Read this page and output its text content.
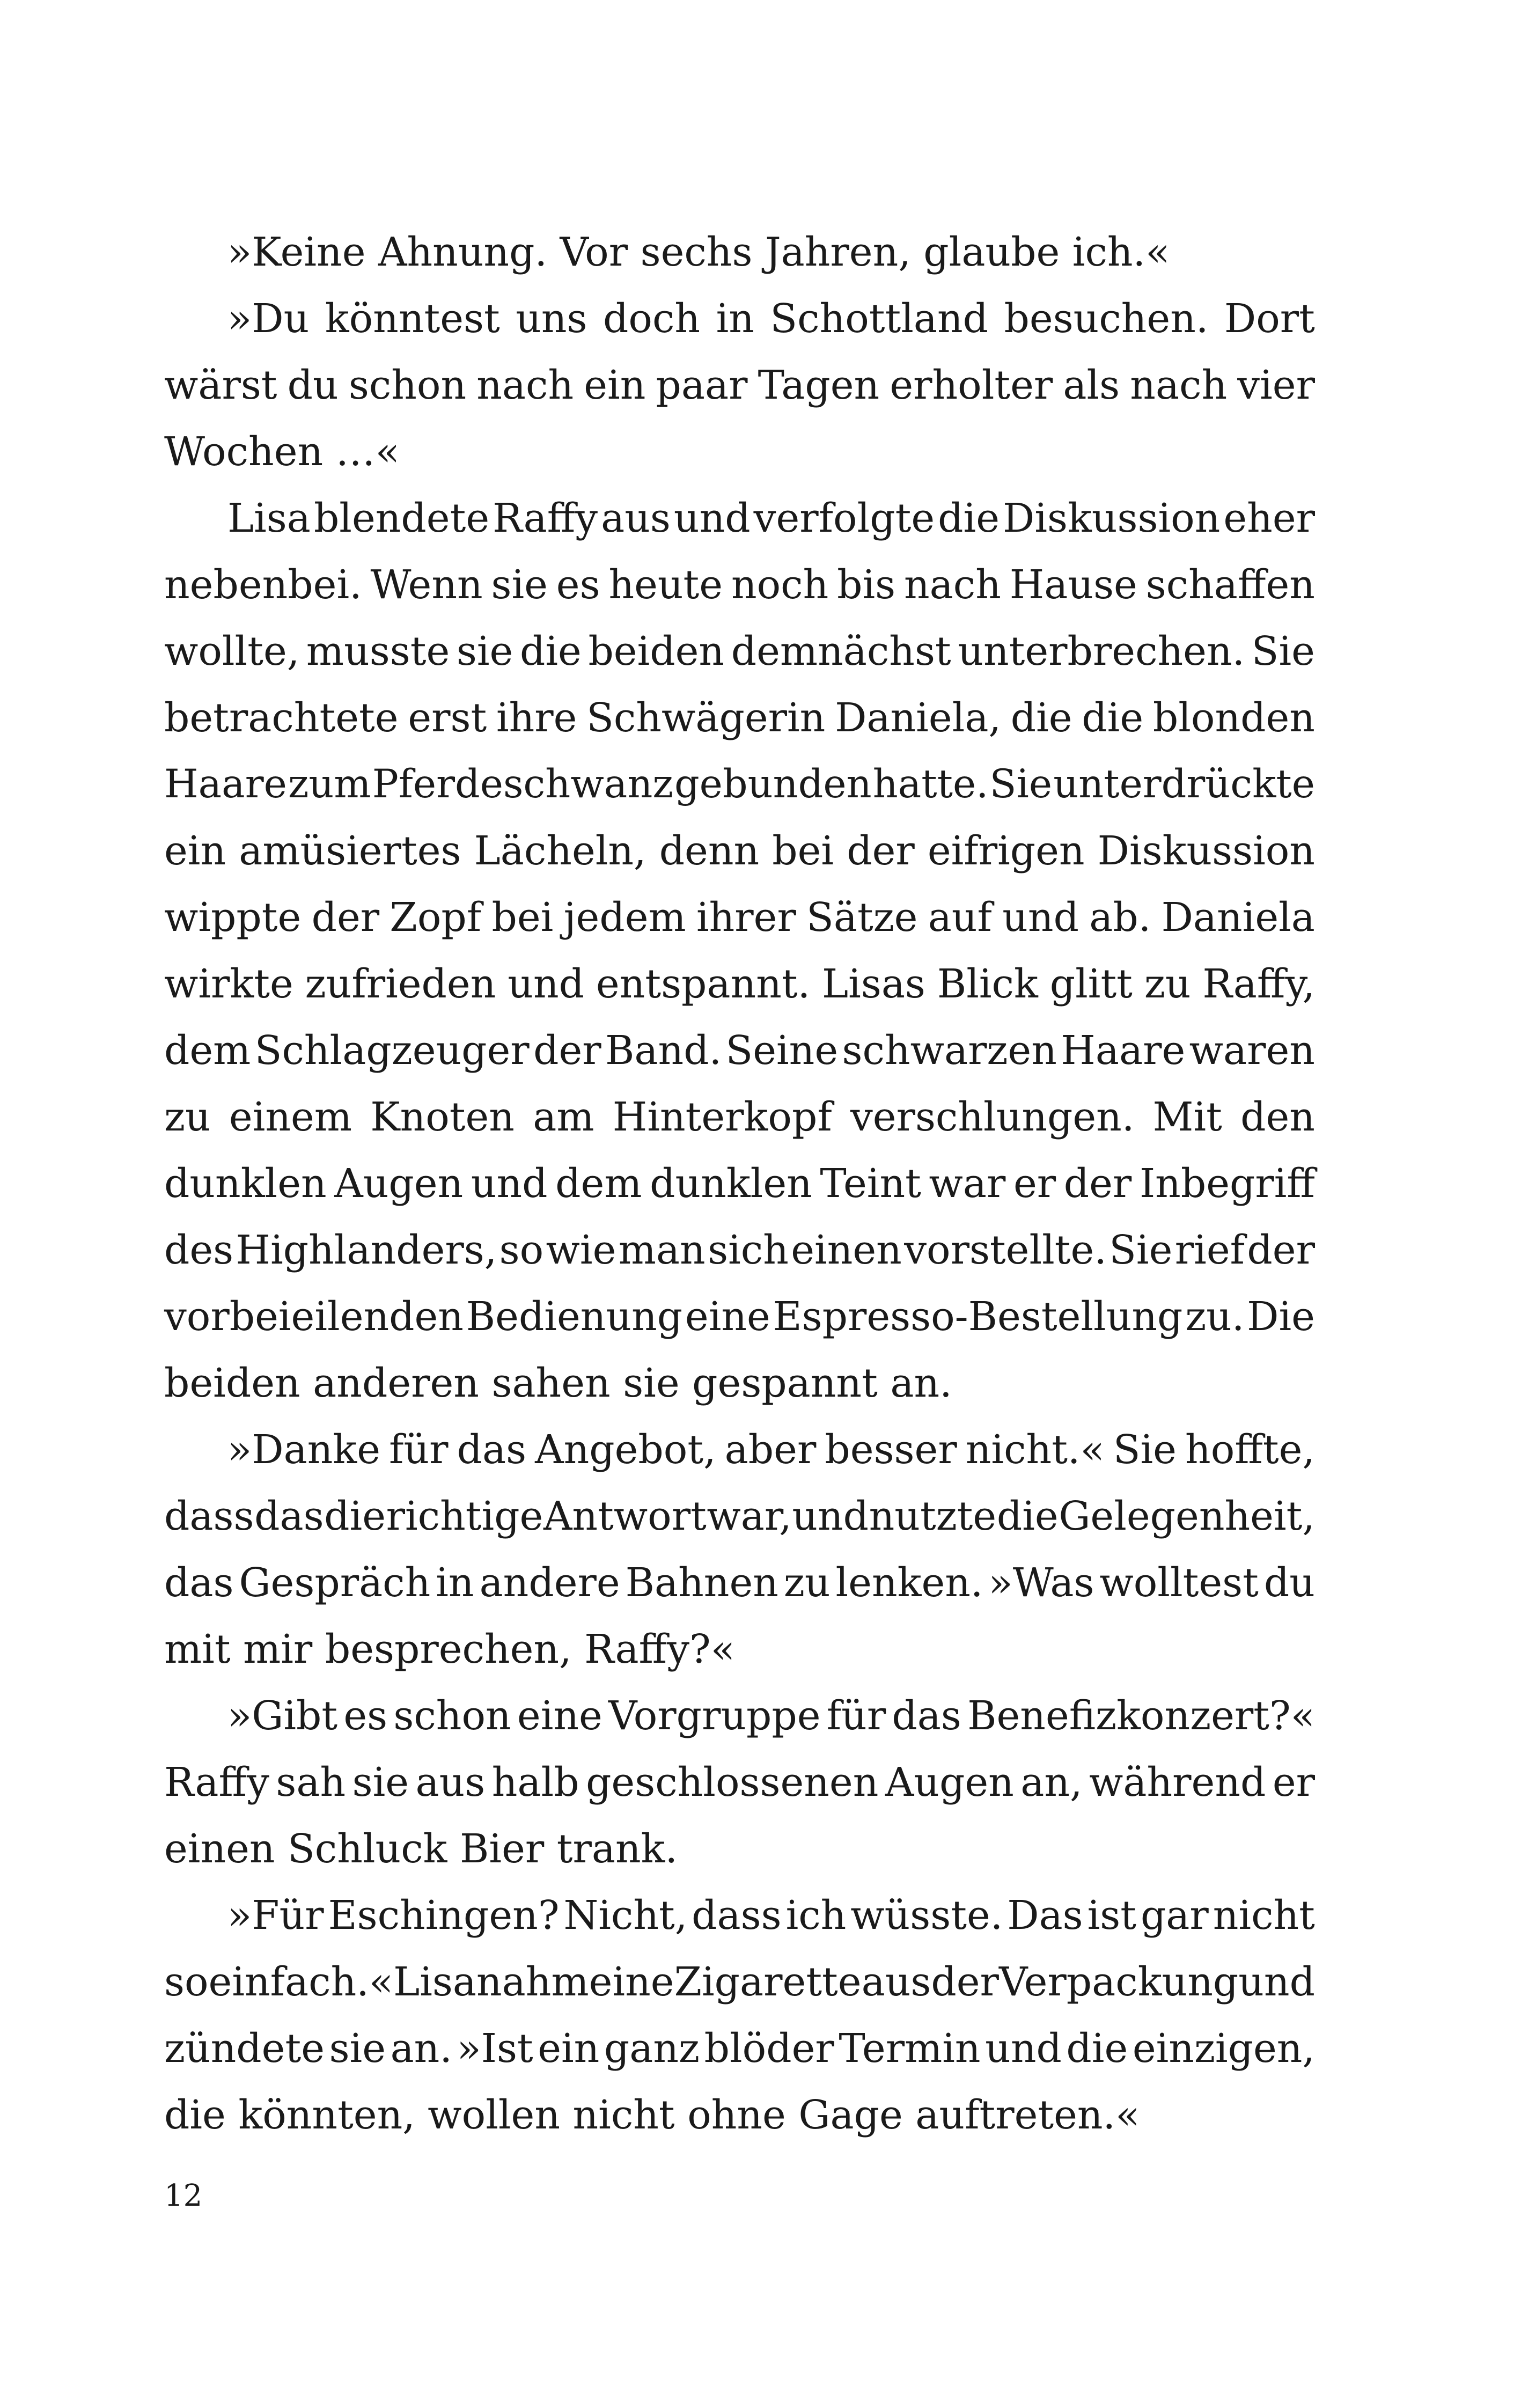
»Keine Ahnung. Vor sechs Jahren, glaube ich.«
»Du könntest uns doch in Schottland besuchen. Dort
wärst du schon nach ein paar Tagen erholter als nach vier
Wochen …«
Lisa blendete Raffy aus und verfolgte die Diskussion eher
nebenbei. Wenn sie es heute noch bis nach Hause schaffen
wollte, musste sie die beiden demnächst unterbrechen. Sie
betrachtete erst ihre Schwägerin Daniela, die die blonden
Haare zum Pferdeschwanz gebunden hatte. Sie unterdrückte
ein amüsiertes Lächeln, denn bei der eifrigen Diskussion
wippte der Zopf bei jedem ihrer Sätze auf und ab. Daniela
wirkte zufrieden und entspannt. Lisas Blick glitt zu Raffy,
dem Schlagzeuger der Band. Seine schwarzen Haare waren
zu einem Knoten am Hinterkopf verschlungen. Mit den
dunklen Augen und dem dunklen Teint war er der Inbegriff
des Highlanders, so wie man sich einen vorstellte. Sie rief der
vorbeieilenden Bedienung eine Espresso-Bestellung zu. Die
beiden anderen sahen sie gespannt an.
»Danke für das Angebot, aber besser nicht.« Sie hoffte,
dass das die richtige Antwort war, und nutzte die Gelegenheit,
das Gespräch in andere Bahnen zu lenken. »Was wolltest du
mit mir besprechen, Raffy?«
»Gibt es schon eine Vorgruppe für das Benefizkonzert?«
Raffy sah sie aus halb geschlossenen Augen an, während er
einen Schluck Bier trank.
»Für Eschingen? Nicht, dass ich wüsste. Das ist gar nicht
so einfach.« Lisa nahm eine Zigarette aus der Verpackung und
zündete sie an. »Ist ein ganz blöder Termin und die einzigen,
die könnten, wollen nicht ohne Gage auftreten.«
12
